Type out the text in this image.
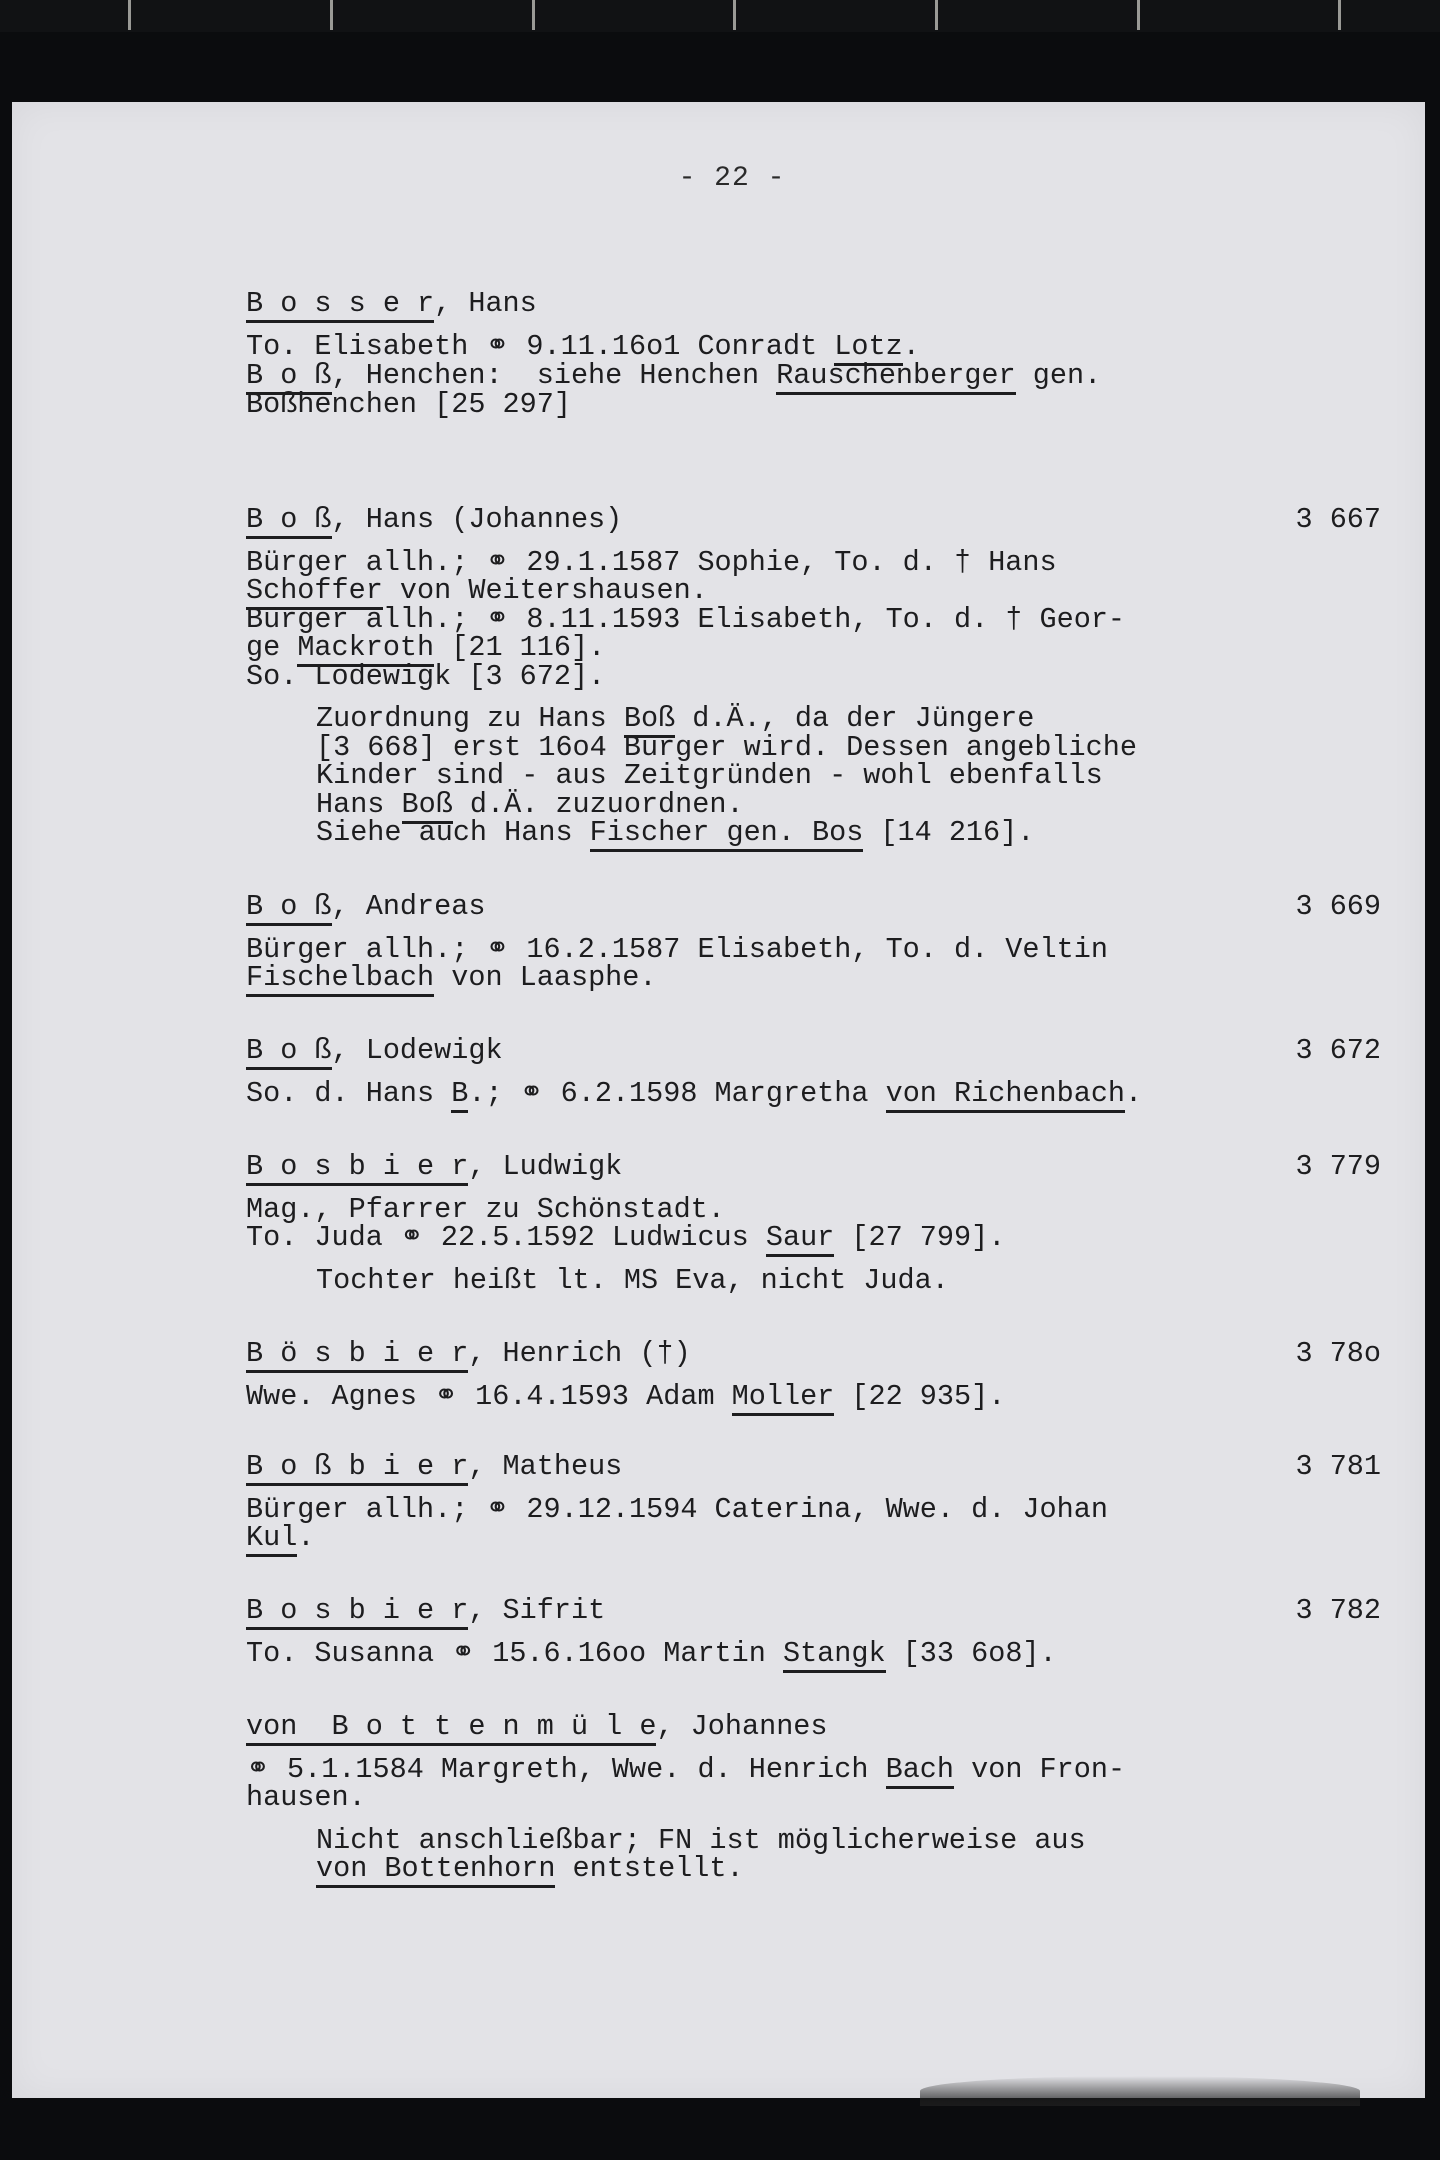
- 22 -
B o s s e r, Hans
To. Elisabeth ⚭ 9.11.16o1 Conradt Lotz.
B o ß, Henchen:  siehe Henchen Rauschenberger gen.
Boßhenchen [25 297]
B o ß, Hans (Johannes)	3 667
Bürger allh.; ⚭ 29.1.1587 Sophie, To. d. † Hans
Schoffer von Weitershausen.
Bürger allh.; ⚭ 8.11.1593 Elisabeth, To. d. † Geor-
ge Mackroth [21 116].
So. Lodewigk [3 672].
Zuordnung zu Hans Boß d.Ä., da der Jüngere
[3 668] erst 16o4 Bürger wird. Dessen angebliche
Kinder sind - aus Zeitgründen - wohl ebenfalls
Hans Boß d.Ä. zuzuordnen.
Siehe auch Hans Fischer gen. Bos [14 216].
B o ß, Andreas	3 669
Bürger allh.; ⚭ 16.2.1587 Elisabeth, To. d. Veltin
Fischelbach von Laasphe.
B o ß, Lodewigk	3 672
So. d. Hans B.; ⚭ 6.2.1598 Margretha von Richenbach.
B o s b i e r, Ludwigk	3 779
Mag., Pfarrer zu Schönstadt.
To. Juda ⚭ 22.5.1592 Ludwicus Saur [27 799].
Tochter heißt lt. MS Eva, nicht Juda.
B ö s b i e r, Henrich (†)	3 78o
Wwe. Agnes ⚭ 16.4.1593 Adam Moller [22 935].
B o ß b i e r, Matheus	3 781
Bürger allh.; ⚭ 29.12.1594 Caterina, Wwe. d. Johan
Kul.
B o s b i e r, Sifrit	3 782
To. Susanna ⚭ 15.6.16oo Martin Stangk [33 6o8].
von  B o t t e n m ü l e, Johannes
⚭ 5.1.1584 Margreth, Wwe. d. Henrich Bach von Fron-
hausen.
Nicht anschließbar; FN ist möglicherweise aus
von Bottenhorn entstellt.
